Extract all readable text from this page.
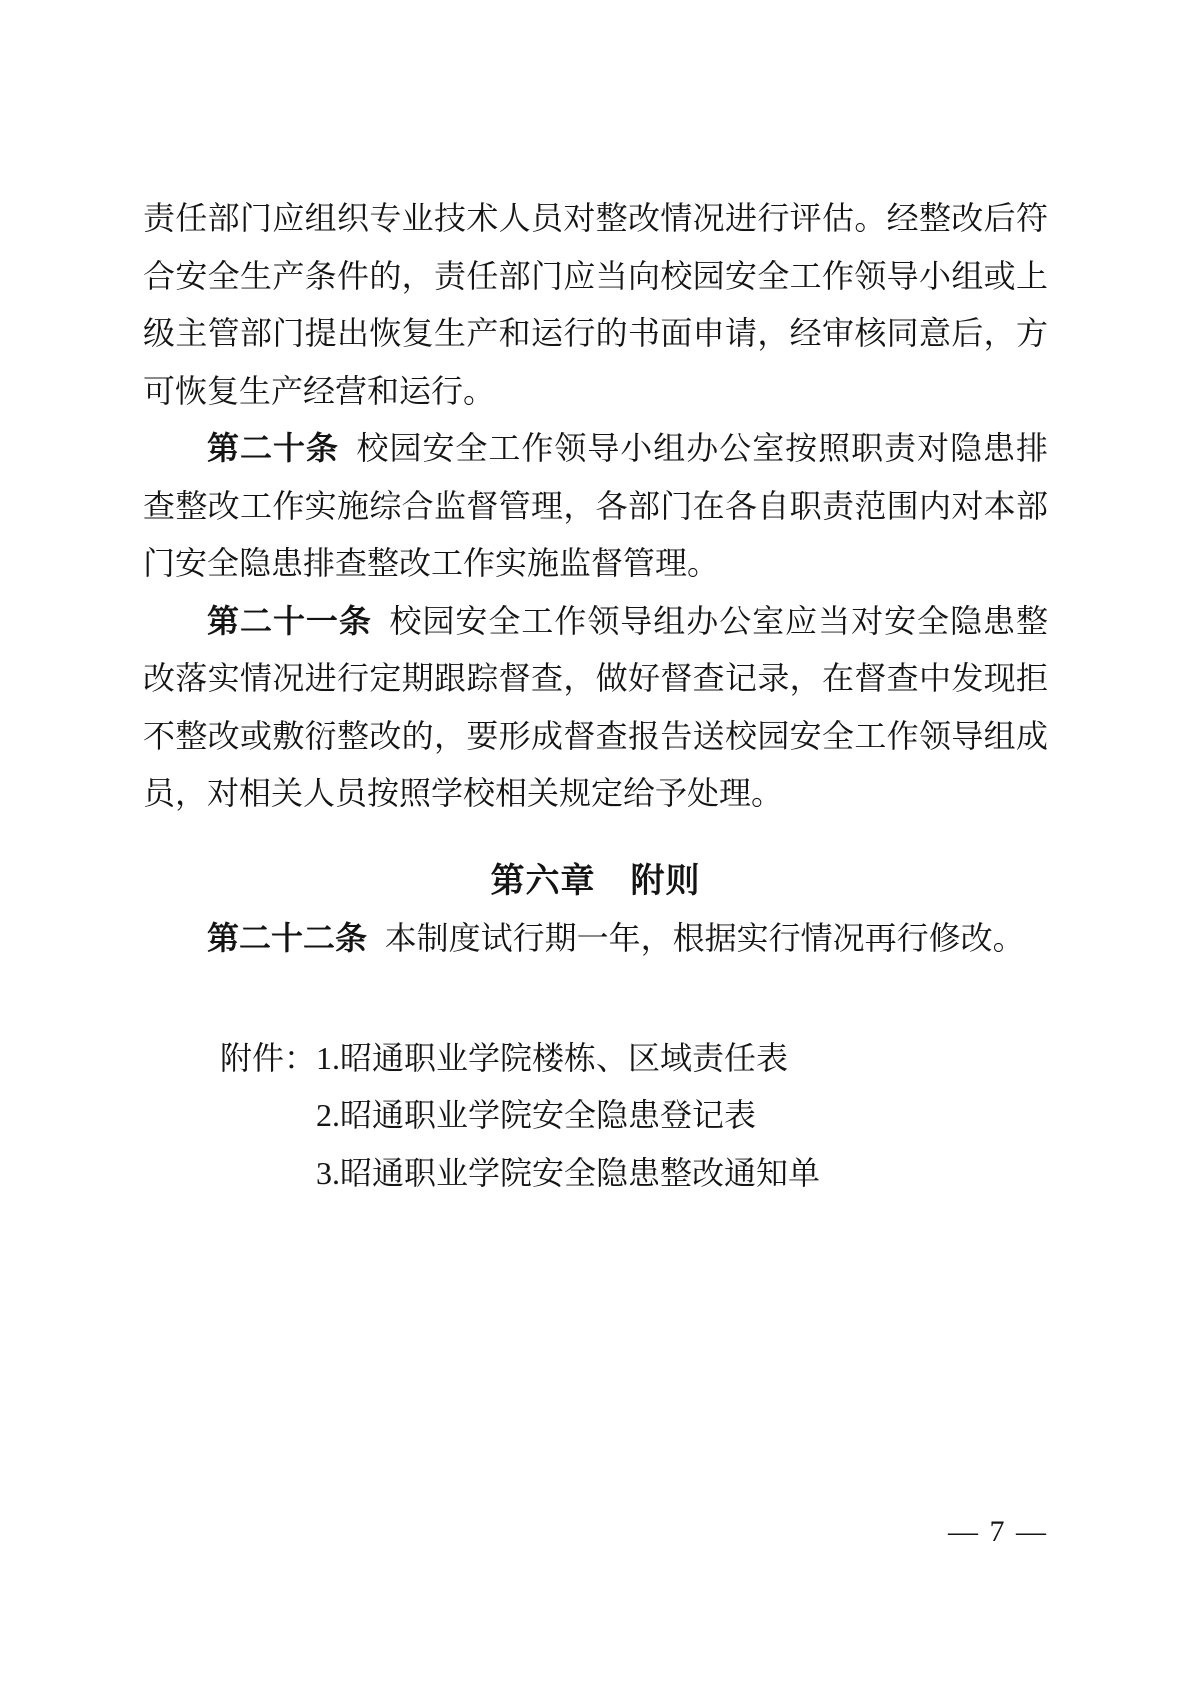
责任部门应组织专业技术人员对整改情况进行评估。经整改后符合安全生产条件的，责任部门应当向校园安全工作领导小组或上级主管部门提出恢复生产和运行的书面申请，经审核同意后，方可恢复生产经营和运行。

第二十条 校园安全工作领导小组办公室按照职责对隐患排查整改工作实施综合监督管理，各部门在各自职责范围内对本部门安全隐患排查整改工作实施监督管理。

第二十一条 校园安全工作领导组办公室应当对安全隐患整改落实情况进行定期跟踪督查，做好督查记录，在督查中发现拒不整改或敷衍整改的，要形成督查报告送校园安全工作领导组成员，对相关人员按照学校相关规定给予处理。

第六章　附则

第二十二条 本制度试行期一年，根据实行情况再行修改。

附件： 1.昭通职业学院楼栋、区域责任表

2.昭通职业学院安全隐患登记表

3.昭通职业学院安全隐患整改通知单

— 7 —
